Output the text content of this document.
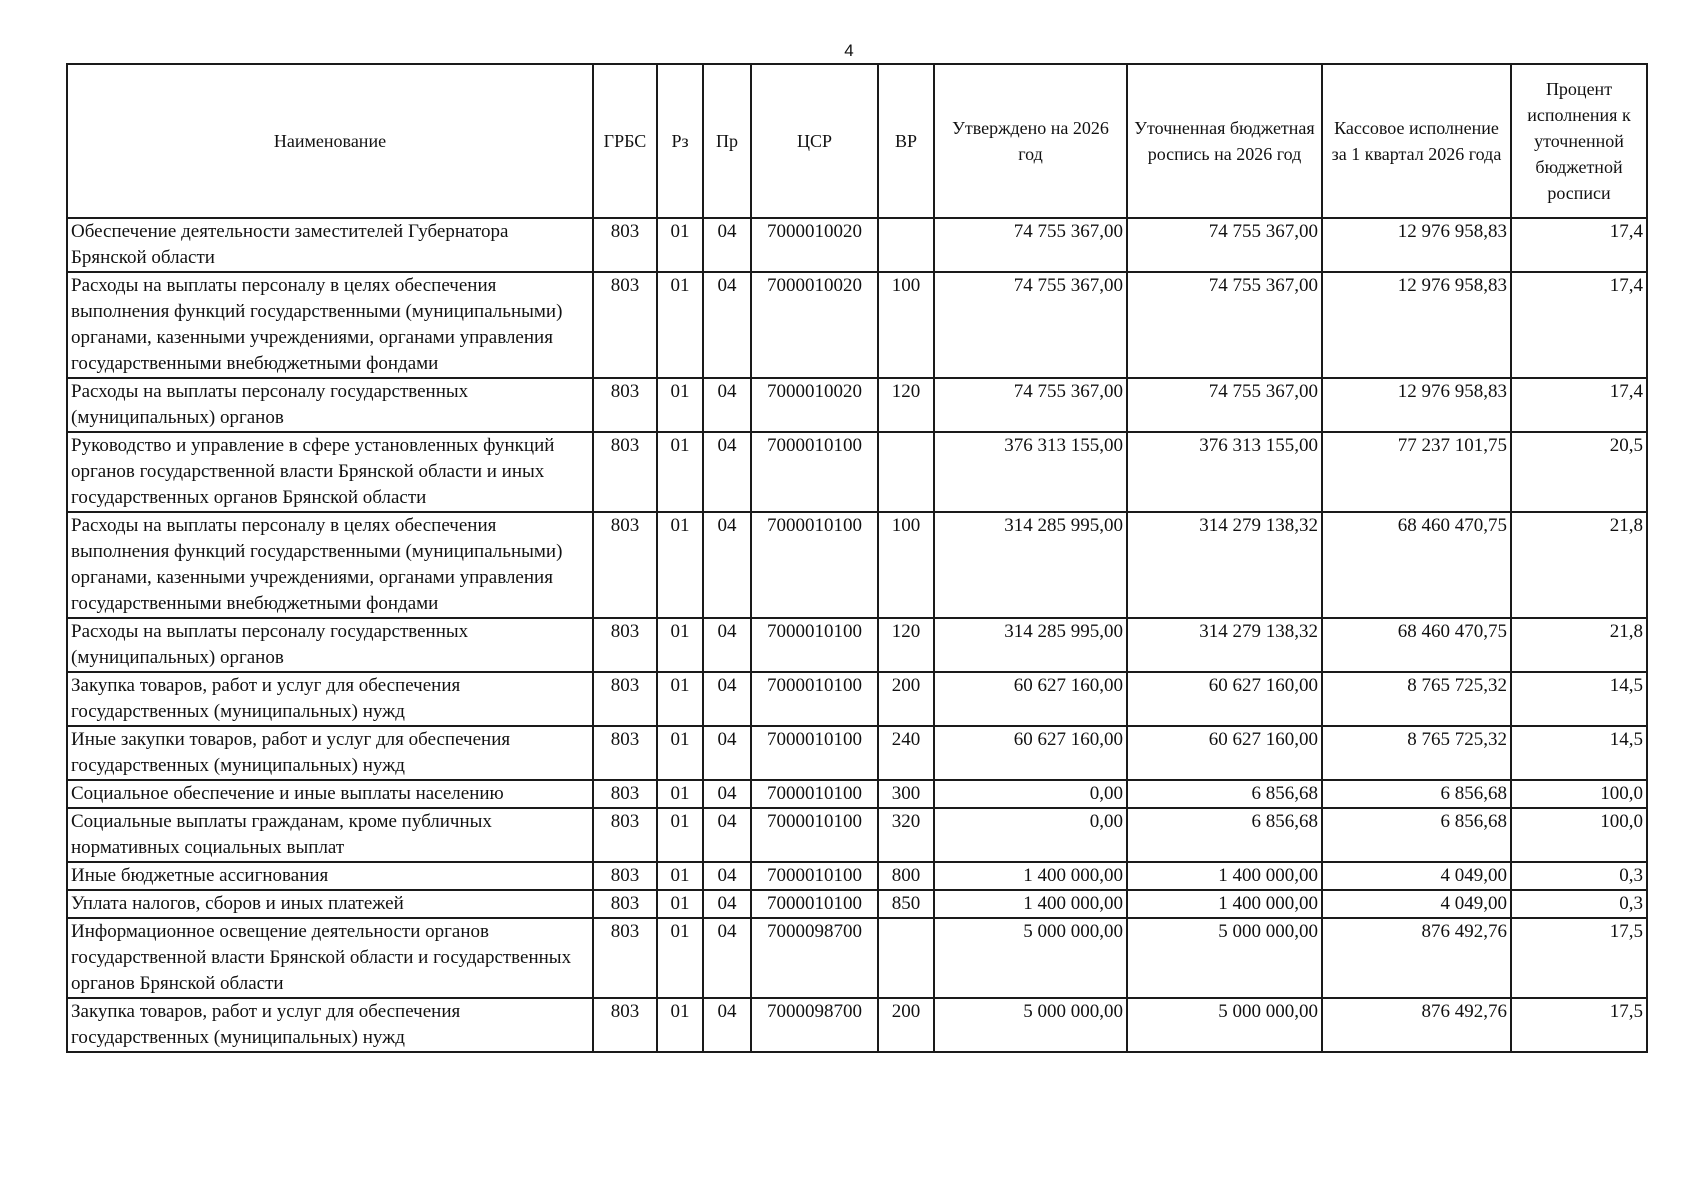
4
Наименование	ГРБС	Рз	Пр	ЦСР	ВР	Утверждено на 2026 год	Уточненная бюджетная роспись на 2026 год	Кассовое исполнение за 1 квартал 2026 года	Процент исполнения к уточненной бюджетной росписи
Обеспечение деятельности заместителей Губернатора Брянской области	803	01	04	7000010020		74 755 367,00	74 755 367,00	12 976 958,83	17,4
Расходы на выплаты персоналу в целях обеспечения выполнения функций государственными (муниципальными) органами, казенными учреждениями, органами управления государственными внебюджетными фондами	803	01	04	7000010020	100	74 755 367,00	74 755 367,00	12 976 958,83	17,4
Расходы на выплаты персоналу государственных (муниципальных) органов	803	01	04	7000010020	120	74 755 367,00	74 755 367,00	12 976 958,83	17,4
Руководство и управление в сфере установленных функций органов государственной власти Брянской области и иных государственных органов Брянской области	803	01	04	7000010100		376 313 155,00	376 313 155,00	77 237 101,75	20,5
Расходы на выплаты персоналу в целях обеспечения выполнения функций государственными (муниципальными) органами, казенными учреждениями, органами управления государственными внебюджетными фондами	803	01	04	7000010100	100	314 285 995,00	314 279 138,32	68 460 470,75	21,8
Расходы на выплаты персоналу государственных (муниципальных) органов	803	01	04	7000010100	120	314 285 995,00	314 279 138,32	68 460 470,75	21,8
Закупка товаров, работ и услуг для обеспечения государственных (муниципальных) нужд	803	01	04	7000010100	200	60 627 160,00	60 627 160,00	8 765 725,32	14,5
Иные закупки товаров, работ и услуг для обеспечения государственных (муниципальных) нужд	803	01	04	7000010100	240	60 627 160,00	60 627 160,00	8 765 725,32	14,5
Социальное обеспечение и иные выплаты населению	803	01	04	7000010100	300	0,00	6 856,68	6 856,68	100,0
Социальные выплаты гражданам, кроме публичных нормативных социальных выплат	803	01	04	7000010100	320	0,00	6 856,68	6 856,68	100,0
Иные бюджетные ассигнования	803	01	04	7000010100	800	1 400 000,00	1 400 000,00	4 049,00	0,3
Уплата налогов, сборов и иных платежей	803	01	04	7000010100	850	1 400 000,00	1 400 000,00	4 049,00	0,3
Информационное освещение деятельности органов государственной власти Брянской области и государственных органов Брянской области	803	01	04	7000098700		5 000 000,00	5 000 000,00	876 492,76	17,5
Закупка товаров, работ и услуг для обеспечения государственных (муниципальных) нужд	803	01	04	7000098700	200	5 000 000,00	5 000 000,00	876 492,76	17,5
